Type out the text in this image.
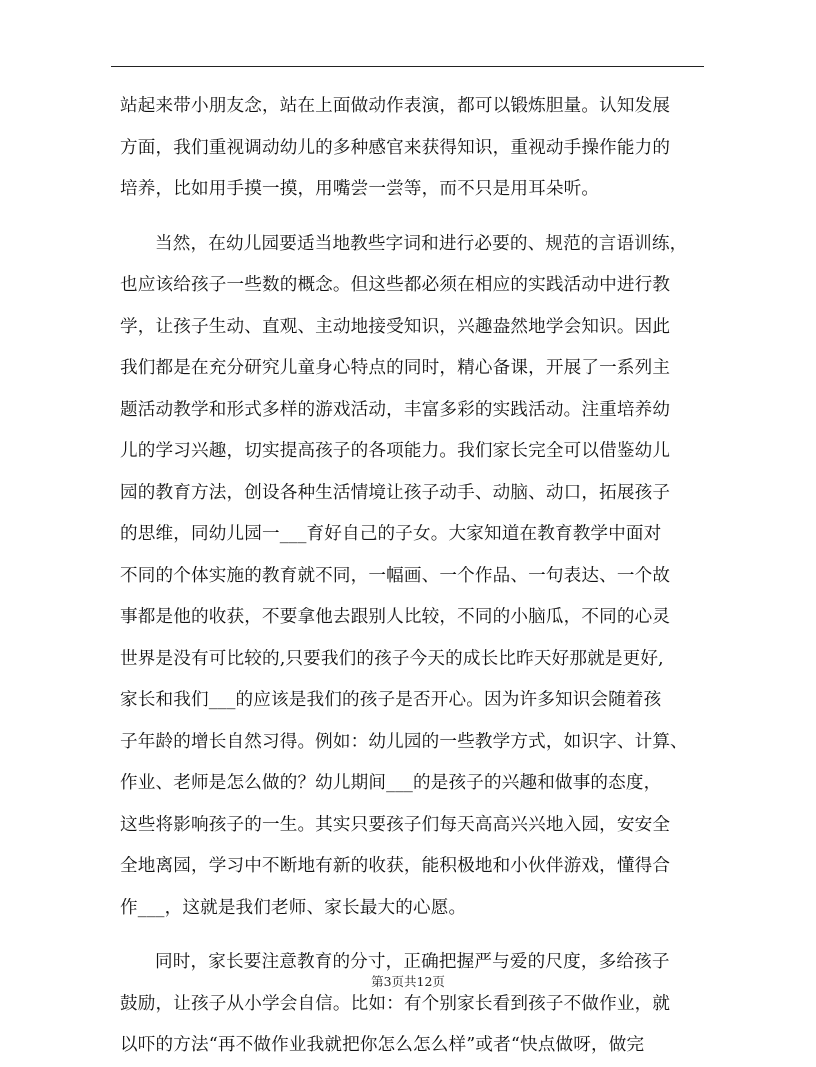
站起来带小朋友念，站在上面做动作表演，都可以锻炼胆量。认知发展
方面，我们重视调动幼儿的多种感官来获得知识，重视动手操作能力的
培养，比如用手摸一摸，用嘴尝一尝等，而不只是用耳朵听。
当然，在幼儿园要适当地教些字词和进行必要的、规范的言语训练，
也应该给孩子一些数的概念。但这些都必须在相应的实践活动中进行教
学，让孩子生动、直观、主动地接受知识，兴趣盎然地学会知识。因此
我们都是在充分研究儿童身心特点的同时，精心备课，开展了一系列主
题活动教学和形式多样的游戏活动，丰富多彩的实践活动。注重培养幼
儿的学习兴趣，切实提高孩子的各项能力。我们家长完全可以借鉴幼儿
园的教育方法，创设各种生活情境让孩子动手、动脑、动口，拓展孩子
的思维，同幼儿园一___育好自己的子女。大家知道在教育教学中面对
不同的个体实施的教育就不同，一幅画、一个作品、一句表达、一个故
事都是他的收获，不要拿他去跟别人比较，不同的小脑瓜，不同的心灵
世界是没有可比较的,只要我们的孩子今天的成长比昨天好那就是更好,
家长和我们___的应该是我们的孩子是否开心。因为许多知识会随着孩
子年龄的增长自然习得。例如：幼儿园的一些教学方式，如识字、计算、
作业、老师是怎么做的？幼儿期间___的是孩子的兴趣和做事的态度，
这些将影响孩子的一生。其实只要孩子们每天高高兴兴地入园，安安全
全地离园，学习中不断地有新的收获，能积极地和小伙伴游戏，懂得合
作___，这就是我们老师、家长最大的心愿。
同时，家长要注意教育的分寸，正确把握严与爱的尺度，多给孩子
鼓励，让孩子从小学会自信。比如：有个别家长看到孩子不做作业，就
以吓的方法“再不做作业我就把你怎么怎么样”或者“快点做呀，做完
第3页共12页
